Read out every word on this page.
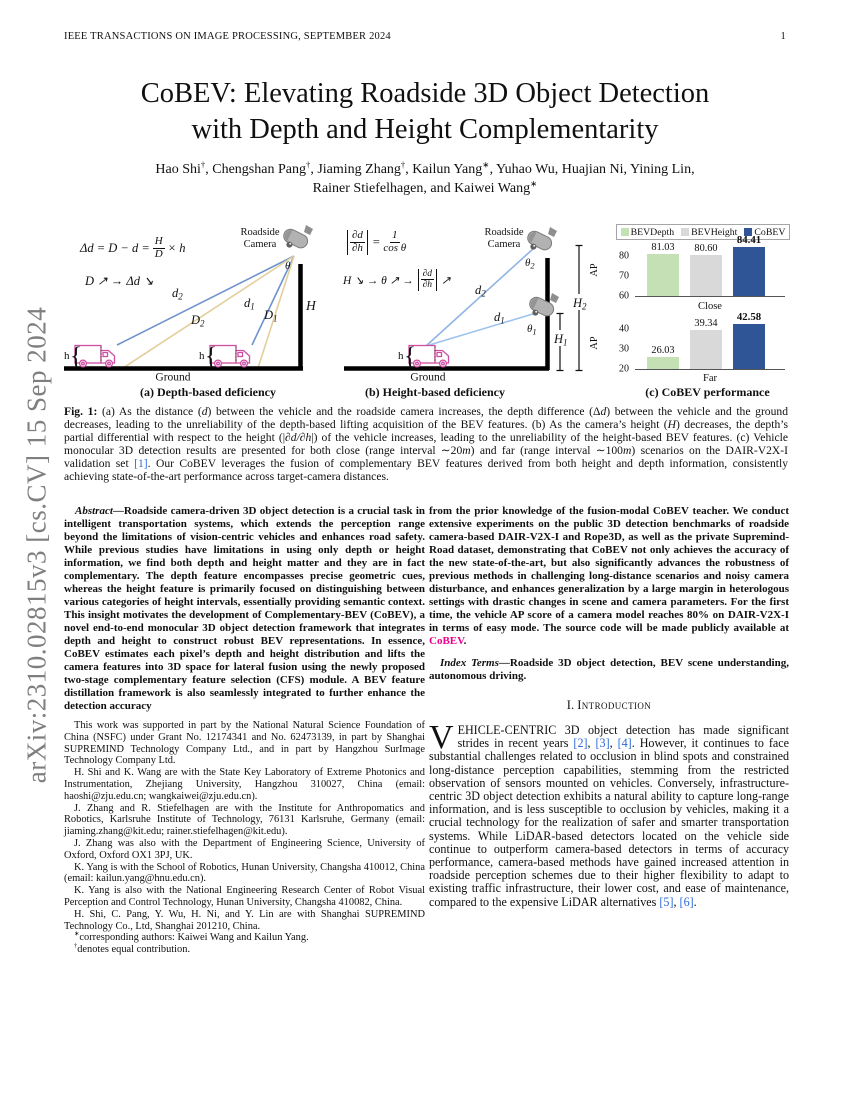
arXiv:2310.02815v3 [cs.CV] 15 Sep 2024
IEEE TRANSACTIONS ON IMAGE PROCESSING, SEPTEMBER 2024	1
CoBEV: Elevating Roadside 3D Object Detection
with Depth and Height Complementarity
Hao Shi†, Chengshan Pang†, Jiaming Zhang†, Kailun Yang∗, Yuhao Wu, Huajian Ni, Yining Lin,
Rainer Stiefelhagen, and Kaiwei Wang∗
Roadside
Camera
θ
H
Ground
h {	h {
$d_2$
$D_2$
$d_1$
$D_1$
Roadside
Camera
$\theta_2$
$\theta_1$
Ground
h {
$d_2$
$d_1$
$H_2$
$H_1$
$\Delta d = D - d = \frac{H}{D} \times h$
D ↗ → Δd ↘
$\frac{\partial d}{\partial h} = \frac{1}{\text{cos θ}}$
H ↘ → θ ↗ → $\frac{\partial d}{\partial h}$ ↗
BEVDepth BEVHeight CoBEV
AP
60
70
80
81.03 80.60
84.41
Close
AP
20
30
40
26.03
39.34
42.58
Far
(a) Depth-based deficiency	(b) Height-based deficiency	(c) CoBEV performance
Fig. 1: (a) As the distance (d) between the vehicle and the roadside camera increases, the depth difference (Δd) between the vehicle and the ground decreases, leading to the unreliability of the depth-based lifting acquisition of the BEV features. (b) As the camera’s height (H) decreases, the depth’s partial differential with respect to the height (|∂d/∂h|) of the vehicle increases, leading to the unreliability of the height-based BEV features. (c) Vehicle monocular 3D detection results are presented for both close (range interval ∼20m) and far (range interval ∼100m) scenarios on the DAIR-V2X-I validation set [1]. Our CoBEV leverages the fusion of complementary BEV features derived from both height and depth information, consistently achieving state-of-the-art performance across target-camera distances.

Abstract—Roadside camera-driven 3D object detection is a crucial task in intelligent transportation systems, which extends the perception range beyond the limitations of vision-centric vehicles and enhances road safety. While previous studies have limitations in using only depth or height information, we find both depth and height matter and they are in fact complementary. The depth feature encompasses precise geometric cues, whereas the height feature is primarily focused on distinguishing between various categories of height intervals, essentially providing semantic context. This insight motivates the development of Complementary-BEV (CoBEV), a novel end-to-end monocular 3D object detection framework that integrates depth and height to construct robust BEV representations. In essence, CoBEV estimates each pixel’s depth and height distribution and lifts the camera features into 3D space for lateral fusion using the newly proposed two-stage complementary feature selection (CFS) module. A BEV feature distillation framework is also seamlessly integrated to further enhance the detection accuracy

This work was supported in part by the National Natural Science Foundation of China (NSFC) under Grant No. 12174341 and No. 62473139, in part by Shanghai SUPREMIND Technology Company Ltd., and in part by Hangzhou SurImage Technology Company Ltd.

H. Shi and K. Wang are with the State Key Laboratory of Extreme Photonics and Instrumentation, Zhejiang University, Hangzhou 310027, China (email: haoshi@zju.edu.cn; wangkaiwei@zju.edu.cn).

J. Zhang and R. Stiefelhagen are with the Institute for Anthropomatics and Robotics, Karlsruhe Institute of Technology, 76131 Karlsruhe, Germany (email: jiaming.zhang@kit.edu; rainer.stiefelhagen@kit.edu).

J. Zhang was also with the Department of Engineering Science, University of Oxford, Oxford OX1 3PJ, UK.

K. Yang is with the School of Robotics, Hunan University, Changsha 410012, China (email: kailun.yang@hnu.edu.cn).

K. Yang is also with the National Engineering Research Center of Robot Visual Perception and Control Technology, Hunan University, Changsha 410082, China.

H. Shi, C. Pang, Y. Wu, H. Ni, and Y. Lin are with Shanghai SUPREMIND Technology Co., Ltd, Shanghai 201210, China.

∗corresponding authors: Kaiwei Wang and Kailun Yang.

†denotes equal contribution.

from the prior knowledge of the fusion-modal CoBEV teacher. We conduct extensive experiments on the public 3D detection benchmarks of roadside camera-based DAIR-V2X-I and Rope3D, as well as the private Supremind-Road dataset, demonstrating that CoBEV not only achieves the accuracy of the new state-of-the-art, but also significantly advances the robustness of previous methods in challenging long-distance scenarios and noisy camera disturbance, and enhances generalization by a large margin in heterologous settings with drastic changes in scene and camera parameters. For the first time, the vehicle AP score of a camera model reaches 80% on DAIR-V2X-I in terms of easy mode. The source code will be made publicly available at CoBEV.

Index Terms—Roadside 3D object detection, BEV scene understanding, autonomous driving.

I. Introduction

VEHICLE-CENTRIC 3D object detection has made significant strides in recent years [2], [3], [4]. However, it continues to face substantial challenges related to occlusion in blind spots and constrained long-distance perception capabilities, stemming from the restricted observation of sensors mounted on vehicles. Conversely, infrastructure-centric 3D object detection exhibits a natural ability to capture long-range information, and is less susceptible to occlusion by vehicles, making it a crucial technology for the realization of safer and smarter transportation systems. While LiDAR-based detectors located on the vehicle side continue to outperform camera-based detectors in terms of accuracy performance, camera-based methods have gained increased attention in roadside perception schemes due to their higher flexibility to adapt to existing traffic infrastructure, their lower cost, and ease of maintenance, compared to the expensive LiDAR alternatives [5], [6].
